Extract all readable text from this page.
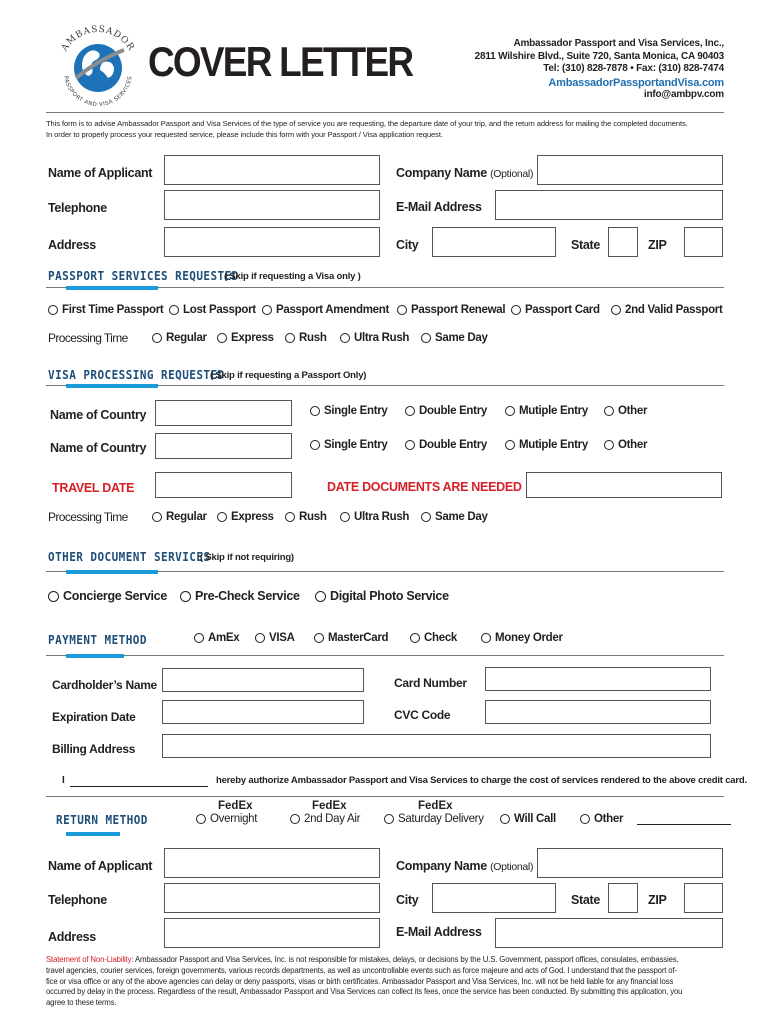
AMBASSADOR
PASSPORT AND VISA SERVICES COVER LETTER	Ambassador Passport and Visa Services, Inc.,
2811 Wilshire Blvd., Suite 720, Santa Monica, CA 90403
Tel: (310) 828-7878 • Fax: (310) 828-7474
AmbassadorPassportandVisa.com
info@ambpv.com
This form is to advise Ambassador Passport and Visa Services of the type of service you are requesting, the departure date of your trip, and the return address for mailing the completed documents.
In order to properly process your requested service, please include this form with your Passport / Visa application request.
Name of Applicant	Company Name (Optional)
Telephone	E-Mail Address
Address	City	State	ZIP
PASSPORT SERVICES REQUESTED
( Skip if requesting a Visa only )
First Time Passport Lost Passport Passport Amendment Passport Renewal Passport Card 2nd Valid Passport
Processing Time	Regular Express Rush Ultra Rush Same Day
VISA PROCESSING REQUESTED
( Skip if requesting a Passport Only)
Name of Country	Single Entry	Double Entry	Mutiple Entry	Other
Name of Country	Single Entry	Double Entry	Mutiple Entry	Other
TRAVEL DATE	DATE DOCUMENTS ARE NEEDED
Processing Time	Regular Express Rush Ultra Rush Same Day
OTHER DOCUMENT SERVICES
( Skip if not requiring)
Concierge Service Pre-Check Service Digital Photo Service
PAYMENT METHOD	AmEx	VISA	MasterCard	Check	Money Order
Cardholder’s Name	Card Number
Expiration Date	CVC Code
Billing Address
I	hereby authorize Ambassador Passport and Visa Services to charge the cost of services rendered to the above credit card.
RETURN METHOD
FedEx
Overnight
FedEx
2nd Day Air
FedEx
Saturday Delivery	Will Call	Other
Name of Applicant	Company Name (Optional)
Telephone	City	State	ZIP
Address	E-Mail Address
Statement of Non-Liability: Ambassador Passport and Visa Services, Inc. is not responsible for mistakes, delays, or decisions by the U.S. Government, passport offices, consulates, embassies,
travel agencies, courier services, foreign governments, various records departments, as well as uncontrollable events such as force majeure and acts of God. I understand that the passport of-
fice or visa office or any of the above agencies can delay or deny passports, visas or birth certificates. Ambassador Passport and Visa Services, Inc. will not be held liable for any financial loss
occurred by delay in the process. Regardless of the result, Ambassador Passport and Visa Services can collect its fees, once the service has been conducted. By submitting this application, you
agree to these terms.
